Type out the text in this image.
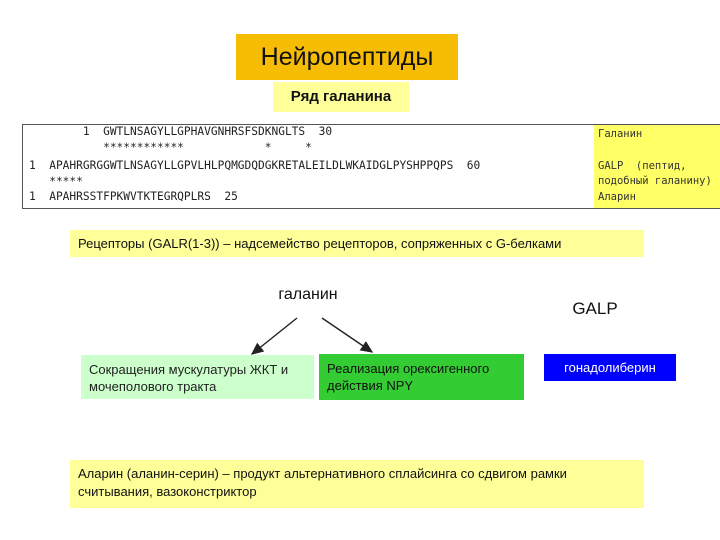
Нейропептиды
Ряд галанина

1  GWTLNSAGYLLGPHAVGNHRSFSDKNGLTS  30

************            *     *

1  APAHRGRGGWTLNSAGYLLGPVLHLPQMGDQDGKRETALEILDLWKAIDGLPYSHPPQPS  60

*****

1  APAHRSSTFPKWVTKTEGRQPLRS  25

Галанин

GALP  (пептид,

подобный галанину)

Аларин

Рецепторы (GALR(1-3)) – надсемейство рецепторов, сопряженных с G-белками
галанин
GALP
Сокращения мускулатуры ЖКТ и мочеполового тракта
Реализация орексигенного действия NPY
гонадолиберин
Аларин (аланин-серин) – продукт альтернативного сплайсинга со сдвигом рамки считывания, вазоконстриктор
